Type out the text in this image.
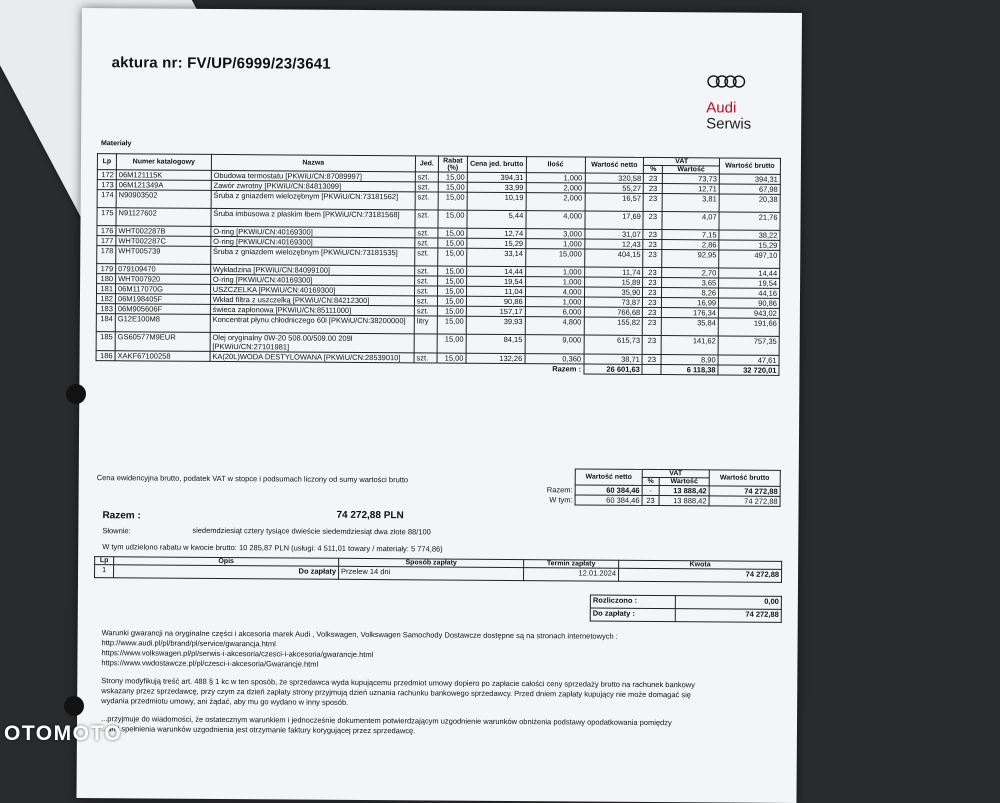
aktura nr: FV/UP/6999/23/3641
Audi
Serwis
Materiały
Lp	Numer katalogowy	Nazwa	Jed.	Rabat (%)	Cena jed. brutto	Ilość	Wartość netto	VAT		Wartość brutto
								%	Wartość	
172	06M121115K	Obudowa termostatu [PKWiU/CN:87089997]	szt.	15,00	394,31	1,000	320,58	23	73,73	394,31
173	06M121349A	Zawór zwrotny [PKWiU/CN:84813099]	szt.	15,00	33,99	2,000	55,27	23	12,71	67,98
174	N90903502	Śruba z gniazdem wielozębnym [PKWiU/CN:73181562]	szt.	15,00	10,19	2,000	16,57	23	3,81	20,38
175	N91127602	Śruba imbusowa z płaskim łbem [PKWiU/CN:73181568]	szt.	15,00	5,44	4,000	17,69	23	4,07	21,76
176	WHT002287B	O-ring [PKWiU/CN:40169300]	szt.	15,00	12,74	3,000	31,07	23	7,15	38,22
177	WHT002287C	O-ring [PKWiU/CN:40169300]	szt.	15,00	15,29	1,000	12,43	23	2,86	15,29
178	WHT005739	Śruba z gniazdem wielozębnym [PKWiU/CN:73181535]	szt.	15,00	33,14	15,000	404,15	23	92,95	497,10
179	079109470	Wykładzina [PKWiU/CN:84099100]	szt.	15,00	14,44	1,000	11,74	23	2,70	14,44
180	WHT007920	O-ring [PKWiU/CN:40169300]	szt.	15,00	19,54	1,000	15,89	23	3,65	19,54
181	06M117070G	USZCZELKA [PKWiU/CN:40169300]	szt.	15,00	11,04	4,000	35,90	23	8,26	44,16
182	06M198405F	Wkład filtra z uszczelką [PKWiU/CN:84212300]	szt.	15,00	90,86	1,000	73,87	23	16,99	90,86
183	06M905606F	świeca zapłonowa [PKWiU/CN:85111000]	szt.	15,00	157,17	6,000	766,68	23	176,34	943,02
184	G12E100M8	Koncentrat płynu chłodniczego 60l [PKWiU/CN:38200000]	litry	15,00	39,93	4,800	155,82	23	35,84	191,66
185	GS60577M9EUR	Olej oryginalny 0W-20 508.00/509.00 209l [PKWiU/CN:27101981]		15,00	84,15	9,000	615,73	23	141,62	757,35
186	XAKF67100258	KA(20L)WODA DESTYLOWANA [PKWiU/CN:28539010]	szt.	15,00	132,26	0,360	38,71	23	8,90	47,61
Razem :							26 601,63		6 118,38	32 720,01
Cena ewidencyjna brutto, podatek VAT w stopce i podsumach liczony od sumy wartości brutto
		Wartość netto	VAT		Wartość brutto
		%	Wartość	
Razem:	60 384,46	-	13 888,42	74 272,88
W tym:	60 384,46	23	13 888,42	74 272,88
Razem :	74 272,88 PLN
Słownie:	siedemdziesiąt cztery tysiące dwieście siedemdziesiąt dwa złote 88/100
W tym udzielono rabatu w kwocie brutto: 10 285,87 PLN (usługi: 4 511,01 towary / materiały: 5 774,86)
Lp	Opis	Sposób zapłaty	Termin zapłaty	Kwota
1	Do zapłaty	Przelew 14 dni	12.01.2024	74 272,88
Rozliczono :	0,00
Do zapłaty :	74 272,88

Warunki gwarancji na oryginalne części i akcesoria marek Audi , Volkswagen, Volkswagen Samochody Dostawcze dostępne są na stronach internetowych :
http://www.audi.pl/pl/brand/pl/service/gwarancja.html
https://www.volkswagen.pl/pl/serwis-i-akcesoria/czesci-i-akcesoria/gwarancje.html
https://www.vwdostawcze.pl/pl/czesci-i-akcesoria/Gwarancje.html

Strony modyfikują treść art. 488 § 1 kc w ten sposób, że sprzedawca wyda kupującemu przedmiot umowy dopiero po zapłacie całości ceny sprzedaży brutto na rachunek bankowy
wskazany przez sprzedawcę, przy czym za dzień zapłaty strony przyjmują dzień uznania rachunku bankowego sprzedawcy. Przed dniem zapłaty kupujący nie może domagać się
wydania przedmiotu umowy, ani żądać, aby mu go wydano w inny sposób.

...przyjmuje do wiadomości, że ostatecznym warunkiem i jednocześnie dokumentem potwierdzającym uzgodnienie warunków obniżenia podstawy opodatkowania pomiędzy
...ami spełnienia warunków uzgodnienia jest otrzymanie faktury korygującej przez sprzedawcę.

OTOMOTO
